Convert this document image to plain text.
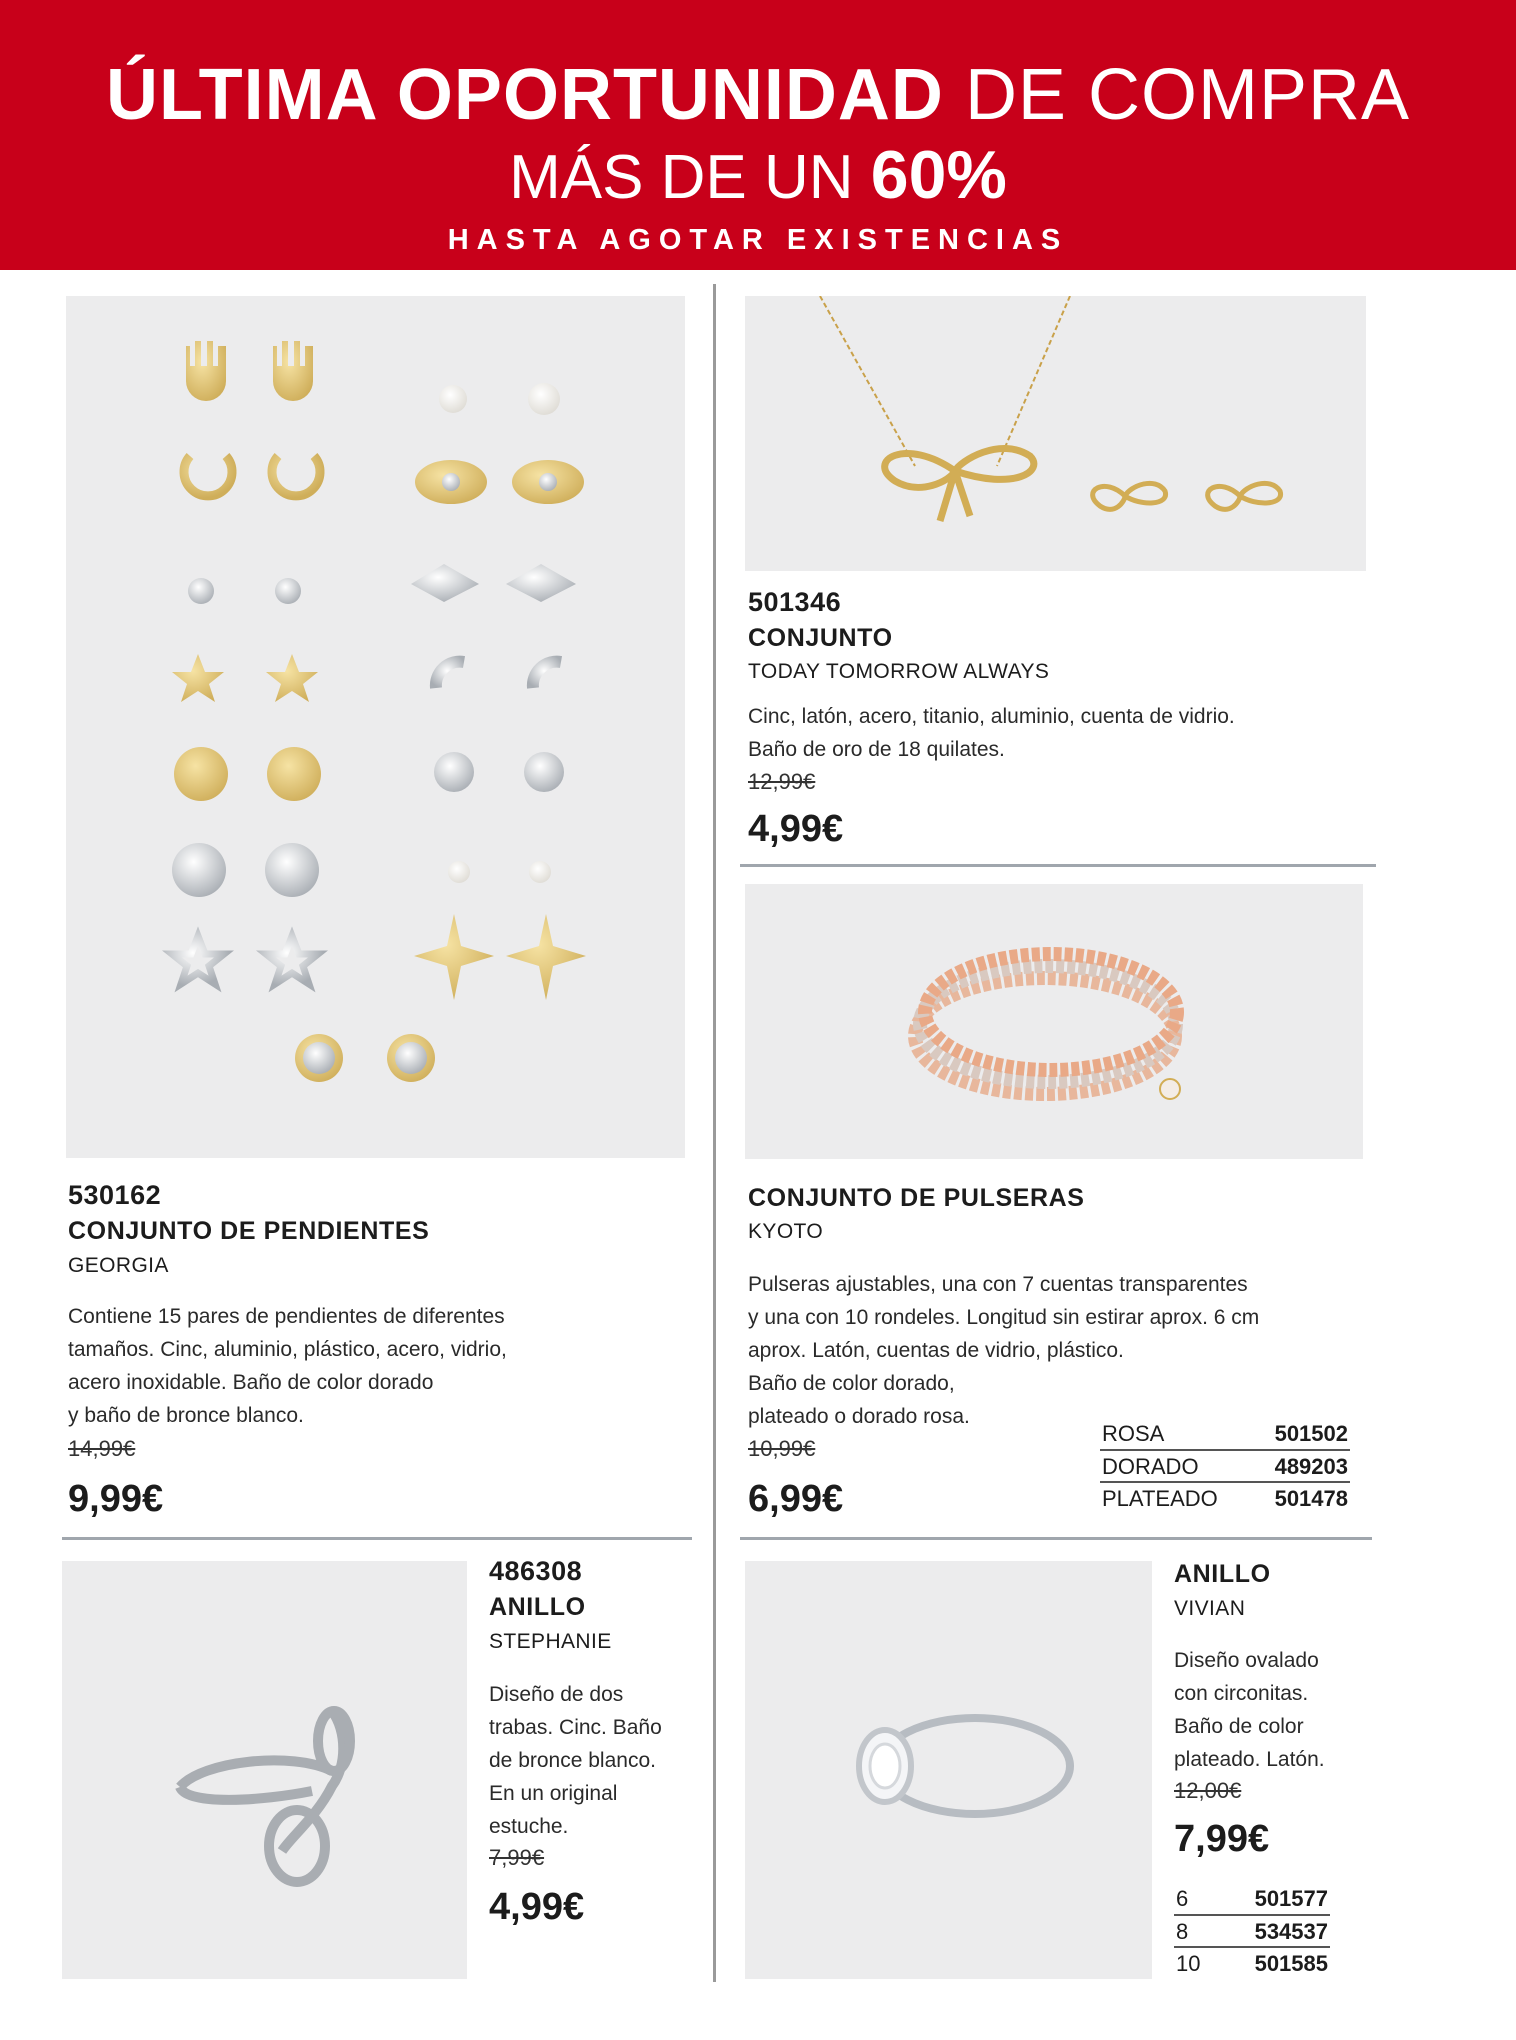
ÚLTIMA OPORTUNIDAD DE COMPRA
MÁS DE UN 60%
HASTA AGOTAR EXISTENCIAS
530162
CONJUNTO DE PENDIENTES
GEORGIA
Contiene 15 pares de pendientes de diferentes
tamaños. Cinc, aluminio, plástico, acero, vidrio,
acero inoxidable. Baño de color dorado
y baño de bronce blanco.
14,99€
9,99€
501346
CONJUNTO
TODAY TOMORROW ALWAYS
Cinc, latón, acero, titanio, aluminio, cuenta de vidrio.
Baño de oro de 18 quilates.
12,99€
4,99€
CONJUNTO DE PULSERAS
KYOTO
Pulseras ajustables, una con 7 cuentas transparentes
y una con 10 rondeles. Longitud sin estirar aprox. 6 cm
aprox. Latón, cuentas de vidrio, plástico.
Baño de color dorado,
plateado o dorado rosa.
10,99€
6,99€
ROSA	501502
DORADO	489203
PLATEADO	501478
486308
ANILLO
STEPHANIE
Diseño de dos
trabas. Cinc. Baño
de bronce blanco.
En un original
estuche.
7,99€
4,99€
ANILLO
VIVIAN
Diseño ovalado
con circonitas.
Baño de color
plateado. Latón.
12,00€
7,99€
6	501577
8	534537
10	501585
